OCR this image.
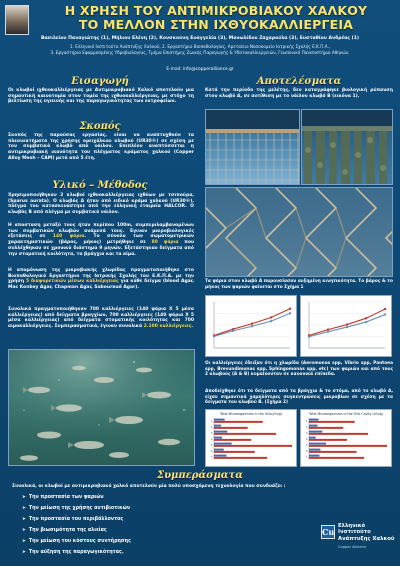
Η ΧΡΗΣΗ ΤΟΥ ΑΝΤΙΜΙΚΡΟΒΙΑΚΟΥ ΧΑΛΚΟΥ
ΤΟ ΜΕΛΛΟΝ ΣΤΗΝ ΙΧΘΥΟΚΑΛΛΙΕΡΓΕΙΑ
Βασιλείου Παναγιώτης (1), Μήλιου Ελένη (2), Κονσκούνη Ευαγγελία (3), Μανωλίδου Ζαχαρούλα (3), Ευσταθίου Ανδρέας (1)
1. Ελληνικό Ινστιτούτο Ανάπτυξης Χαλκού, 2. Εργαστήριο Βιοπαθολογίας, Αρεταίειο Νοσοκομείο Ιατρικής Σχολής Ε.Κ.Π.Α.,
3. Εργαστήριο Εφαρμοσμένης Υδροβιολογίας, Τμήμα Επιστήμης Ζωικής Παραγωγής & Υδατοκαλλιεργειών, Γεωπονικό Πανεπιστήμιο Αθηνών.
E-mail: info@copperalliance.gr
Εισαγωγή
Οι κλωβοί ιχθυοκαλλιέργειας με Αντιμικροβιακό Χαλκό αποτελούν μια σημαντική καινοτομία στον τομέα της ιχθυοκαλλιέργειας, με στόχο τη βελτίωση της υγιεινής και της παραγωγικότητας των εκτροφείων.
Σκοπός
Σκοπός της παρούσας εργασίας, είναι να αναπτυχθούν τα πλεονεκτήματα της χρήσης ορειχάλκου κλωβού (UR30®) σε σχέση με τον συμβατικό κλωβό από νάιλον. Επιπλέον αναπτύσσεται η αντιμικροβιακή ικανότητα του πλέγματος κράματος χαλκού (Copper Alloy Mesh – CAM) μετά από 5 έτη.
Υλικό – Μέθοδος
Χρησιμοποιήθηκαν 2 κλωβοί ιχθυοκαλλιέργειας ιχθύων με τσιπούρα, (Sparus aurata). Ο κλωβός Α ήταν από ειδικό κράμα χαλκού (UR30®), πλέγμα του κατασκευάστηκε από την ελληνική εταιρεία HALCOR. Ο κλωβός Β από πλέγμα με συμβατικό νάιλον.
Η αποσταση μεταξύ τους ήταν περίπου 100m, συμπεριλαμβανομένων των συμβατικών κλωβών ανάμεσά τους. Έγιναν μικροβιολογικές εξετάσεις σε 140 ψάρια. Το σύνολο των σωματομετρικών χαρακτηριστικών (βάρος, μήκος) μετρήθηκε σε 80 ψάρια που συλλέχθηκαν σε χρονικό διάστημα 9 μηνών. Εξετάστηκαν δείγματα από την στοματική κοιλότητα, τα βράγχια και τα αίμα.
Η απομόνωση της μικροβιακής χλωρίδας πραγματοποιήθηκε στο Βιοπαθολογικό Εργαστήριο της Ιατρικής Σχολής του Ε.Κ.Π.Α. με την χρήση 5 διαφορετικών μέσων καλλιέργειας για κάθε δείγμα (blood Agar, Mac Konkey Agar, Chapman Agar, Sabouraud Agar).
Συνολικά πραγματοποιήθηκαν 700 καλλιέργειες (140 ψάρια Χ 5 μέσα καλλιέργειας) από δείγματα βραγχίων, 700 καλλιέργειες (140 ψάρια Χ 5 μέσα καλλιέργειας) από δείγματα στοματικής κοιλότητας και 700 αιμοκαλλιέργειες. Συμπερασματικά, έγιναν συνολικά 2.100 καλλιέργειες.
Αποτελέσματα
Κατά την περίοδο της μελέτης, δεν καταγράφηκε βιολογική ρύπανση στον κλωβό Α, σε αντίθεση με το νάιλον κλωβό Β (εικόνα 1).
Τα ψάρια στον κλωβό Α παρουσίασαν αυξημένη κινητικότητα. Το βάρος & το μήκος των ψαριών φαίνεται στο Σχήμα 1
Οι καλλιέργειες έδειξαν ότι η χλωρίδα (Aeromonas spp, Vibrio spp, Pantoea spp, Brevundimonas spp, Sphingomonas spp, etc) των ψαριών και από τους 2 κλωβούς (Α & Β) κυμαίνονταν σε κανονικά επίπεδα.
Αποδείχθηκε ότι τα δείγματα από τα βράγχια & το στόμα, από το κλωβό Α, είχαν σημαντικά χαμηλότερες συγκεντρώσεις μικροβίων σε σχέση με τα δείγματα του κλωβού Β. (Σχήμα 2)
Total Microorganisms in the Gills(cfu/g)
1
2
3
4
5
6
7
Total Microorganisms in the Oral Cavity (cfu/g)
1
2
3
4
5
6
7
Συμπεράσματα
Συνολικά, οι κλωβοί με αντιμικροβιακό χαλκό αποτελούν μία πολύ υποσχόμενη τεχνολογία που συνδυάζει :
➤ Την προστασία των ψαριών
➤ Την μείωση της χρήσης αντιβιοτικών
➤ Την προστασία του περιβάλλοντος
➤ Την βιωσιμότητα της αλιείας
➤ Την μείωση του κόστους συντήρησης
➤ Την αύξηση της παραγωγικότητας.
Cu
Ελληνικό Ινστιτούτο
Ανάπτυξης Χαλκού
Copper Alliance
